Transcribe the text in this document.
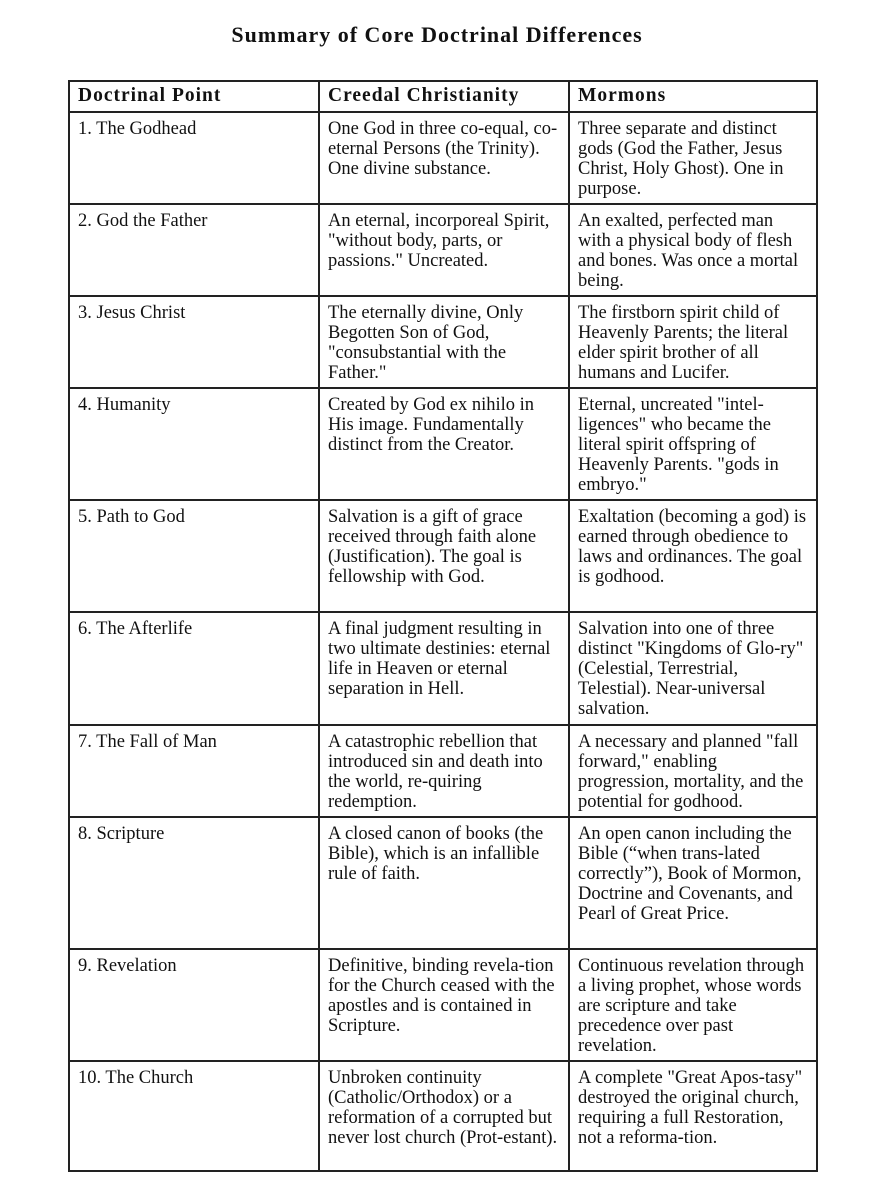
Summary of Core Doctrinal Differences
Doctrinal Point	Creedal Christianity	Mormons
1. The Godhead	One God in three co-equal, co-eternal Persons (the Trinity). One divine substance.	Three separate and distinct gods (God the Father, Jesus Christ, Holy Ghost). One in purpose.
2. God the Father	An eternal, incorporeal Spirit, "without body, parts, or passions." Uncreated.	An exalted, perfected man with a physical body of flesh and bones. Was once a mortal being.
3. Jesus Christ	The eternally divine, Only Begotten Son of God, "consubstantial with the Father."	The firstborn spirit child of Heavenly Parents; the literal elder spirit brother of all humans and Lucifer.
4. Humanity	Created by God ex nihilo in His image. Fundamentally distinct from the Creator.	Eternal, uncreated "intel-ligences" who became the literal spirit offspring of Heavenly Parents. "gods in embryo."
5. Path to God	Salvation is a gift of grace received through faith alone (Justification). The goal is fellowship with God.	Exaltation (becoming a god) is earned through obedience to laws and ordinances. The goal is godhood.
6. The Afterlife	A final judgment resulting in two ultimate destinies: eternal life in Heaven or eternal separation in Hell.	Salvation into one of three distinct "Kingdoms of Glo-ry" (Celestial, Terrestrial, Telestial). Near-universal salvation.
7. The Fall of Man	A catastrophic rebellion that introduced sin and death into the world, re-quiring redemption.	A necessary and planned "fall forward," enabling progression, mortality, and the potential for godhood.
8. Scripture	A closed canon of books (the Bible), which is an infallible rule of faith.	An open canon including the Bible (“when trans-lated correctly”), Book of Mormon, Doctrine and Covenants, and Pearl of Great Price.
9. Revelation	Definitive, binding revela-tion for the Church ceased with the apostles and is contained in Scripture.	Continuous revelation through a living prophet, whose words are scripture and take precedence over past revelation.
10. The Church	Unbroken continuity (Catholic/Orthodox) or a reformation of a corrupted but never lost church (Prot-estant).	A complete "Great Apos-tasy" destroyed the original church, requiring a full Restoration, not a reforma-tion.
